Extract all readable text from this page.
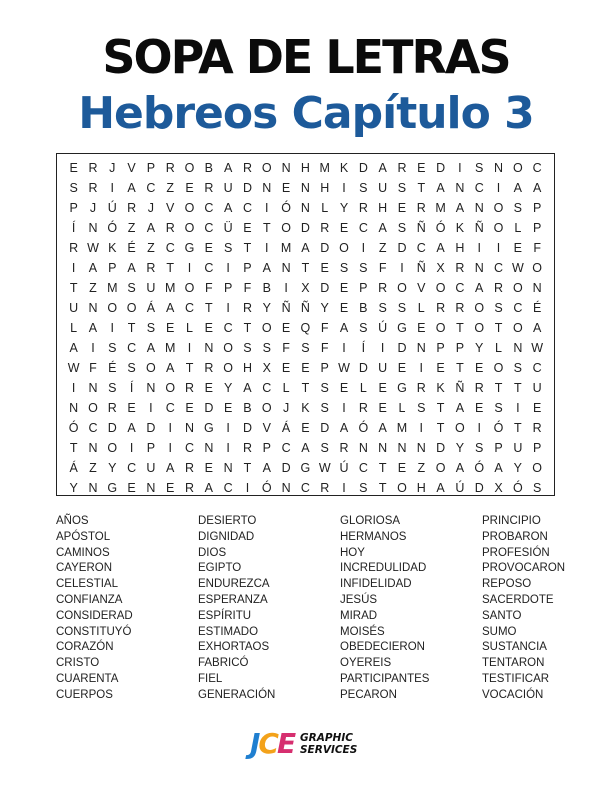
SOPA DE LETRAS
Hebreos Capítulo 3
E R J V P R O B A R O N H M K D A R E D	I	S N O C
S R	I	A C Z E R U D N E N H	I	S U S T A N C	I	A A
P J Ú R J V O C A C	I	Ó N L Y R H E R M A N O S P
Í	N Ó Z A R O C Ü E T O D R E C A S Ñ Ó K Ñ O L P
R W K É Z C G E S T	I M A D O	I	Z D C A H	I	I	E F
I	A P A R T	I	C	I	P A N T E S S F	I	Ñ X R N C W O
T Z M S U M O F P F B	I	X D E P R O V O C A R O N
U N O O Á A C T	I	R Y Ñ Ñ Y E B S S L R R O S C É
L A	I	T S E L E C T O E Q F A S Ú G E O T O T O A
A	I	S C A M I	N O S S F S F	I	Í	I	D N P P Y L N W
W F É S O A T R O H X E E P W D U E	I	E T E O S C
I	N S	Í	N O R E Y A C L T S E L E G R K Ñ R T T U
N O R E	I	C E D E B O J K S	I	R E L S T A E S	I	E
Ó C D A D	I	N G	I	D V Á E D A Ó A M I	T O	I	Ó T R
T N O	I	P	I	C N	I	R P C A S R N N N N D Y S P U P
Á Z Y C U A R E N T A D G W Ú C T E Z O A Ó A Y O
Y N G E N E R A C	I	Ó N C R	I	S T O H A Ú D X Ó S
AÑOS
APÓSTOL
CAMINOS
CAYERON
CELESTIAL
CONFIANZA
CONSIDERAD
CONSTITUYÓ
CORAZÓN
CRISTO
CUARENTA
CUERPOS
DESIERTO
DIGNIDAD
DIOS
EGIPTO
ENDUREZCA
ESPERANZA
ESPÍRITU
ESTIMADO
EXHORTAOS
FABRICÓ
FIEL
GENERACIÓN
GLORIOSA
HERMANOS
HOY
INCREDULIDAD
INFIDELIDAD
JESÚS
MIRAD
MOISÉS
OBEDECIERON
OYEREIS
PARTICIPANTES
PECARON
PRINCIPIO
PROBARON
PROFESIÓN
PROVOCARON
REPOSO
SACERDOTE
SANTO
SUMO
SUSTANCIA
TENTARON
TESTIFICAR
VOCACIÓN
JCE GRAPHIC
SERVICES
